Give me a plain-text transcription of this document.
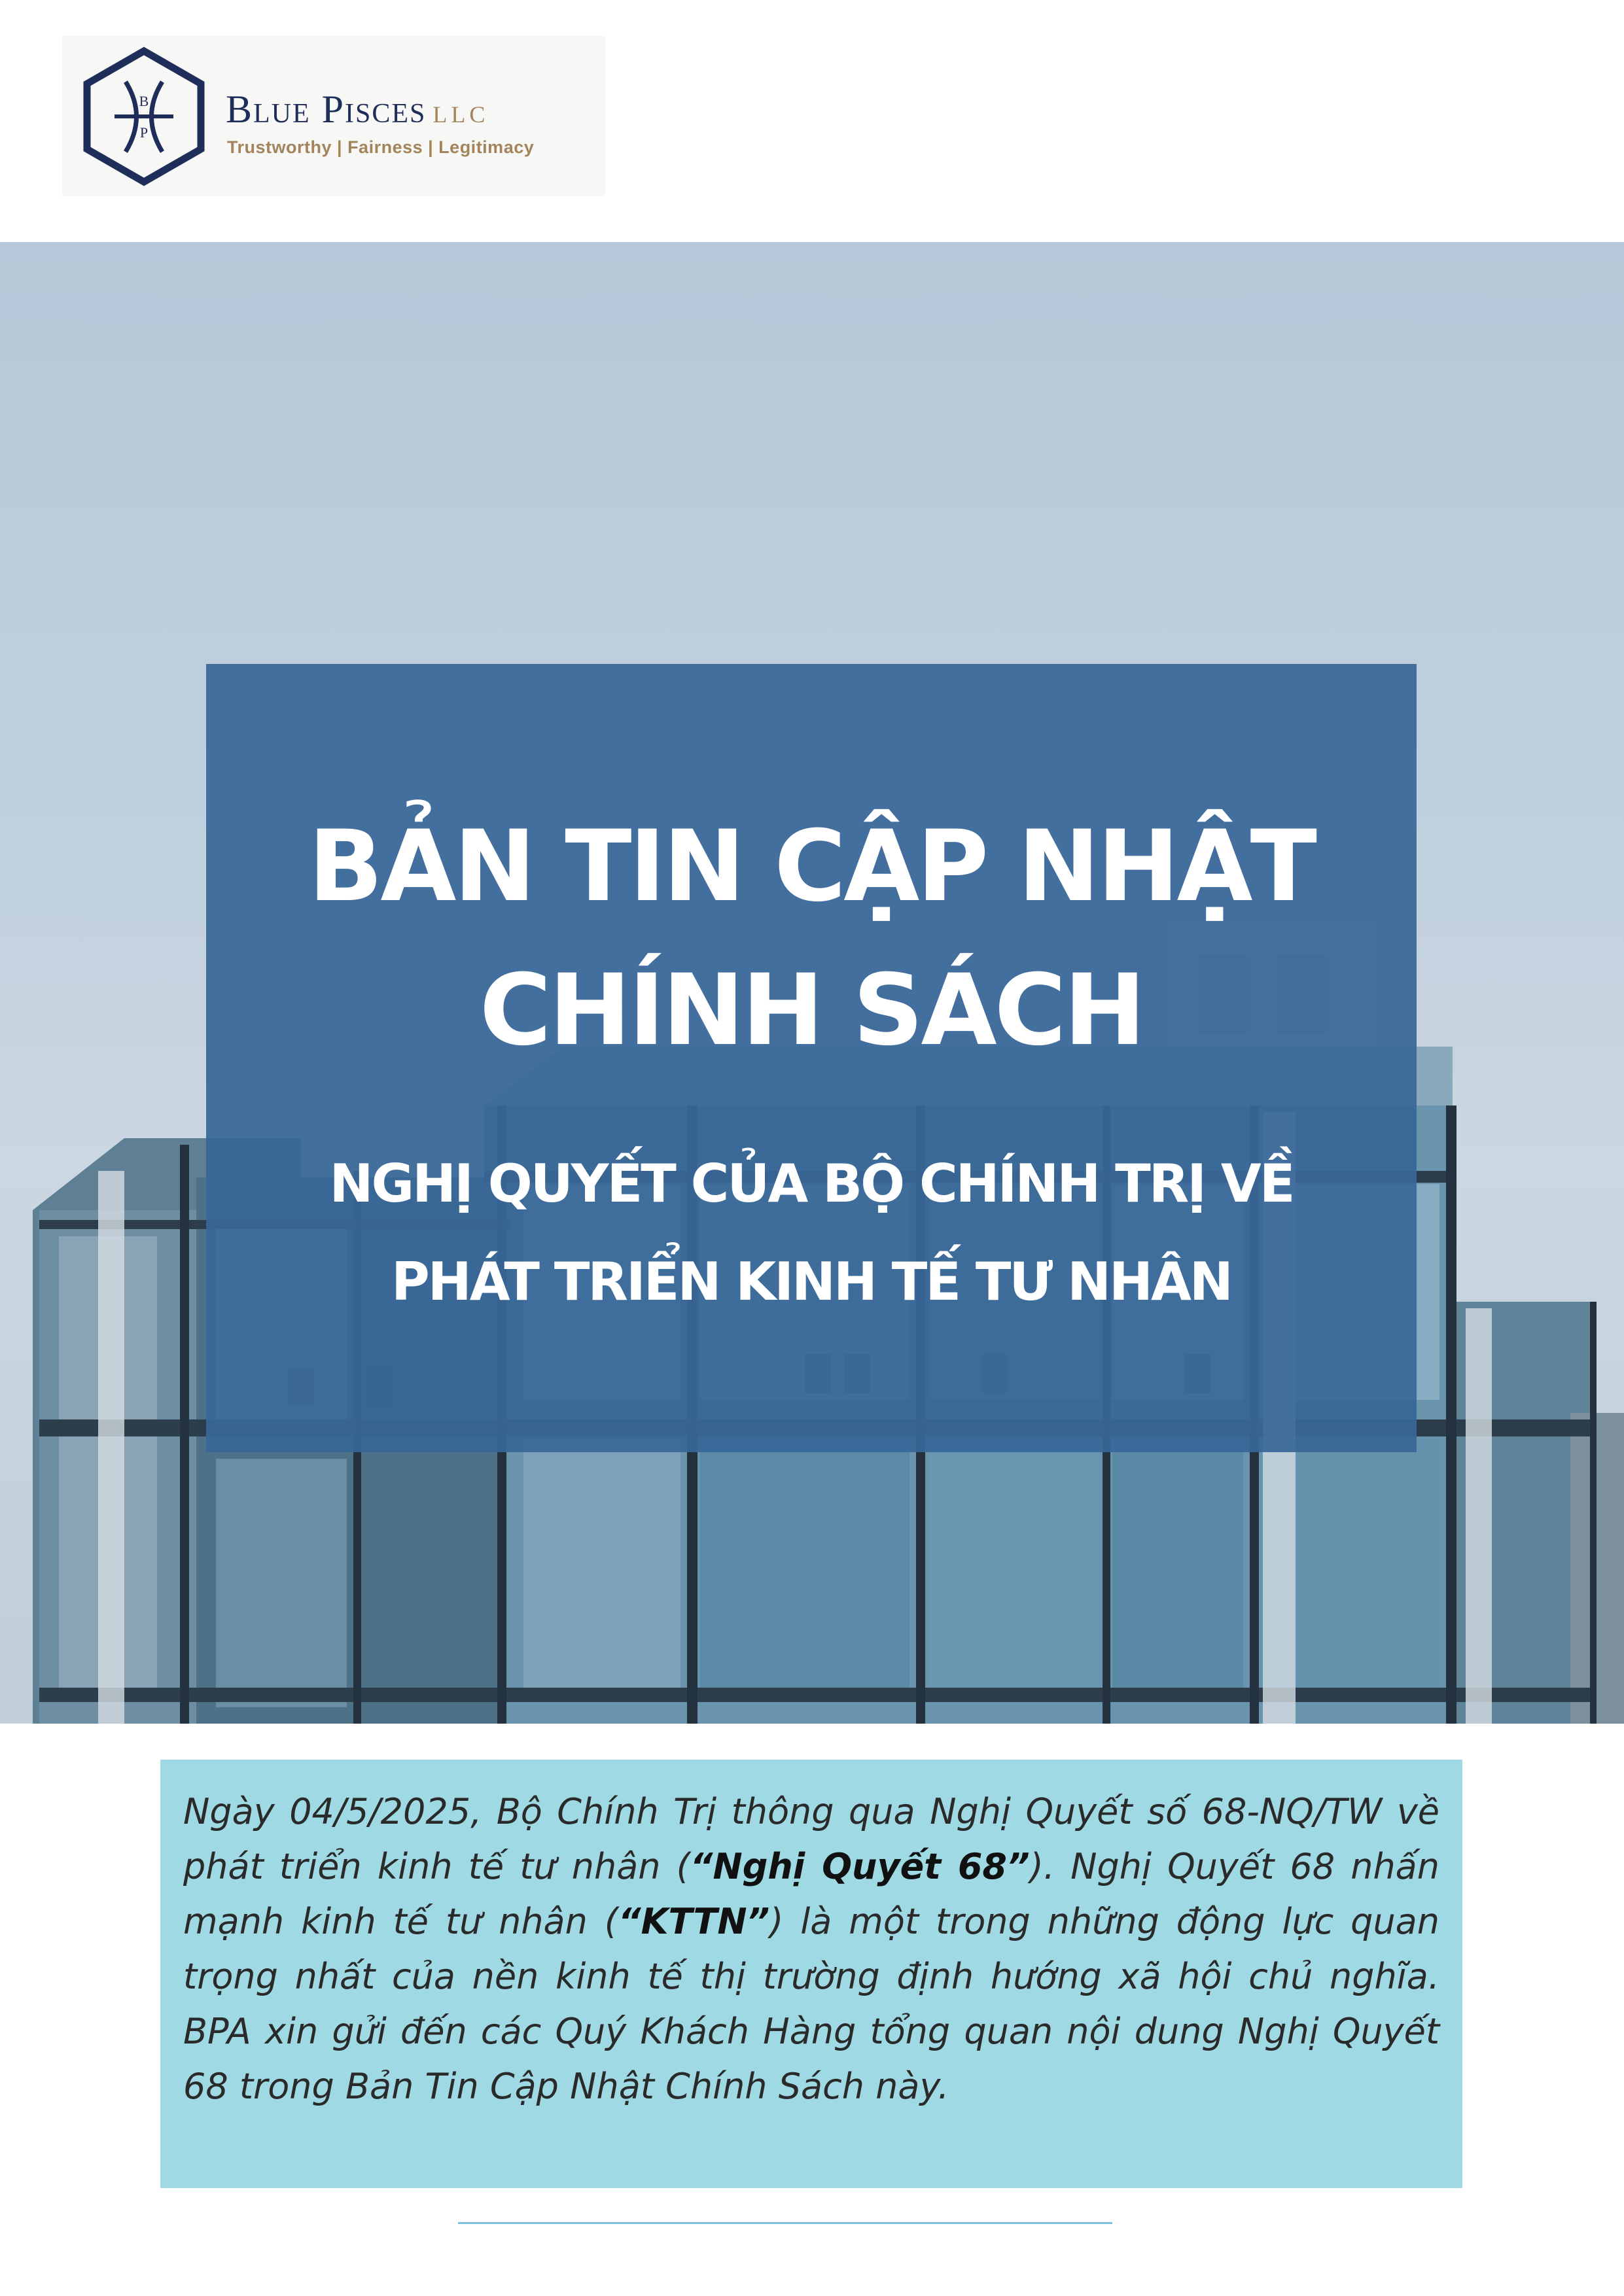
B
P
Blue Pisces LLC
Trustworthy | Fairness | Legitimacy
BẢN TIN CẬP NHẬT
CHÍNH SÁCH
NGHỊ QUYẾT CỦA BỘ CHÍNH TRỊ VỀ
PHÁT TRIỂN KINH TẾ TƯ NHÂN

Ngày 04/5/2025, Bộ Chính Trị thông qua Nghị Quyết số 68-NQ/TW về phát triển kinh tế tư nhân (“Nghị Quyết 68”). Nghị Quyết 68 nhấn mạnh kinh tế tư nhân (“KTTN”) là một trong những động lực quan trọng nhất của nền kinh tế thị trường định hướng xã hội chủ nghĩa. BPA xin gửi đến các Quý Khách Hàng tổng quan nội dung Nghị Quyết 68 trong Bản Tin Cập Nhật Chính Sách này.
